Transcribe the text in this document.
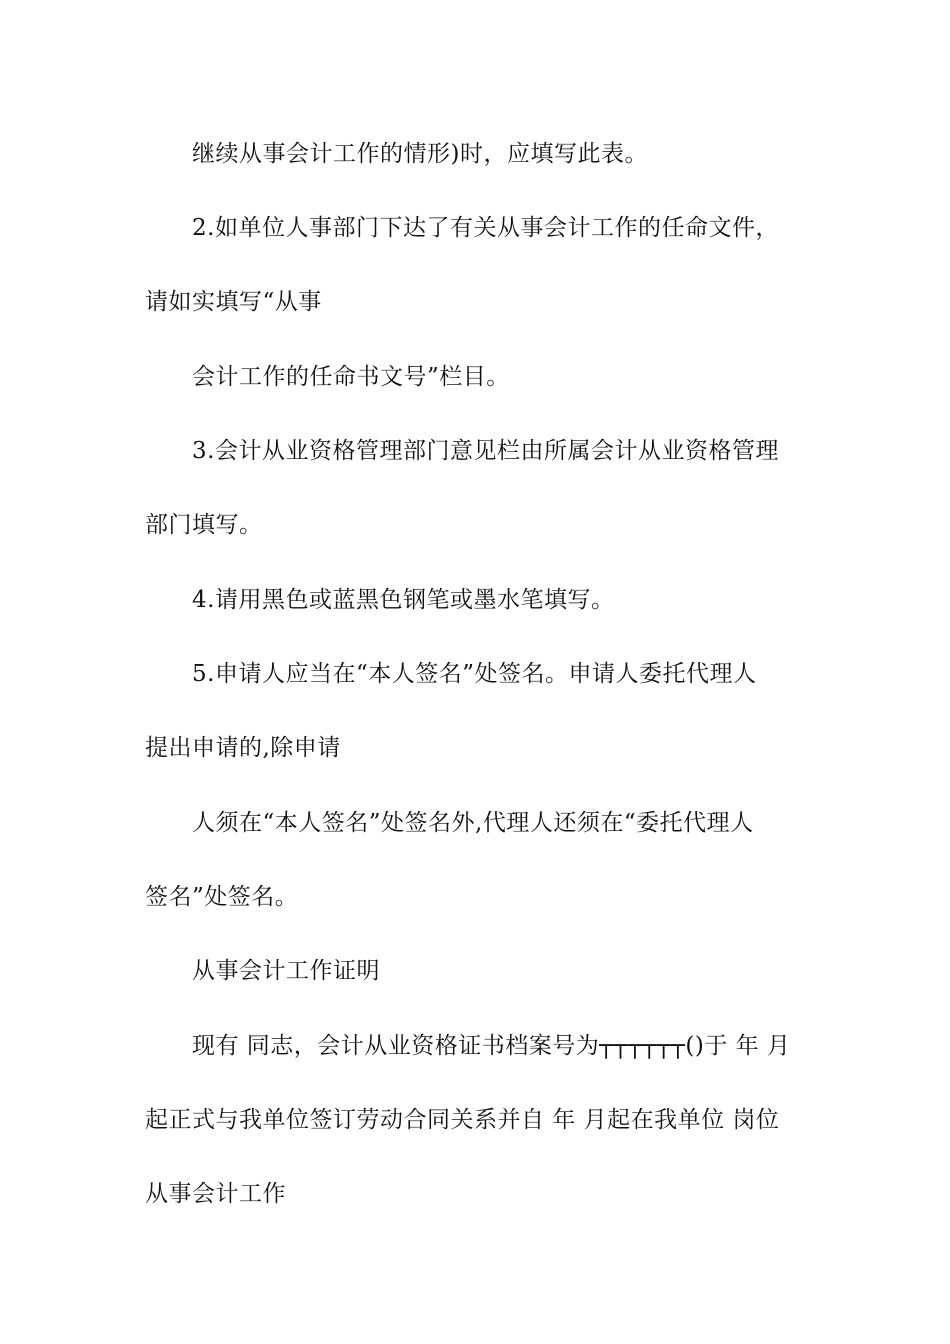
继续从事会计工作的情形)时，应填写此表。
2.如单位人事部门下达了有关从事会计工作的任命文件，
请如实填写“从事
会计工作的任命书文号”栏目。
3.会计从业资格管理部门意见栏由所属会计从业资格管理
部门填写。
4.请用黑色或蓝黑色钢笔或墨水笔填写。
5.申请人应当在“本人签名”处签名。申请人委托代理人
提出申请的,除申请
人须在“本人签名”处签名外,代理人还须在“委托代理人
签名”处签名。
从事会计工作证明
现有 同志，会计从业资格证书档案号为┬┬┬┬┬┬()于 年 月
起正式与我单位签订劳动合同关系并自 年 月起在我单位 岗位
从事会计工作
